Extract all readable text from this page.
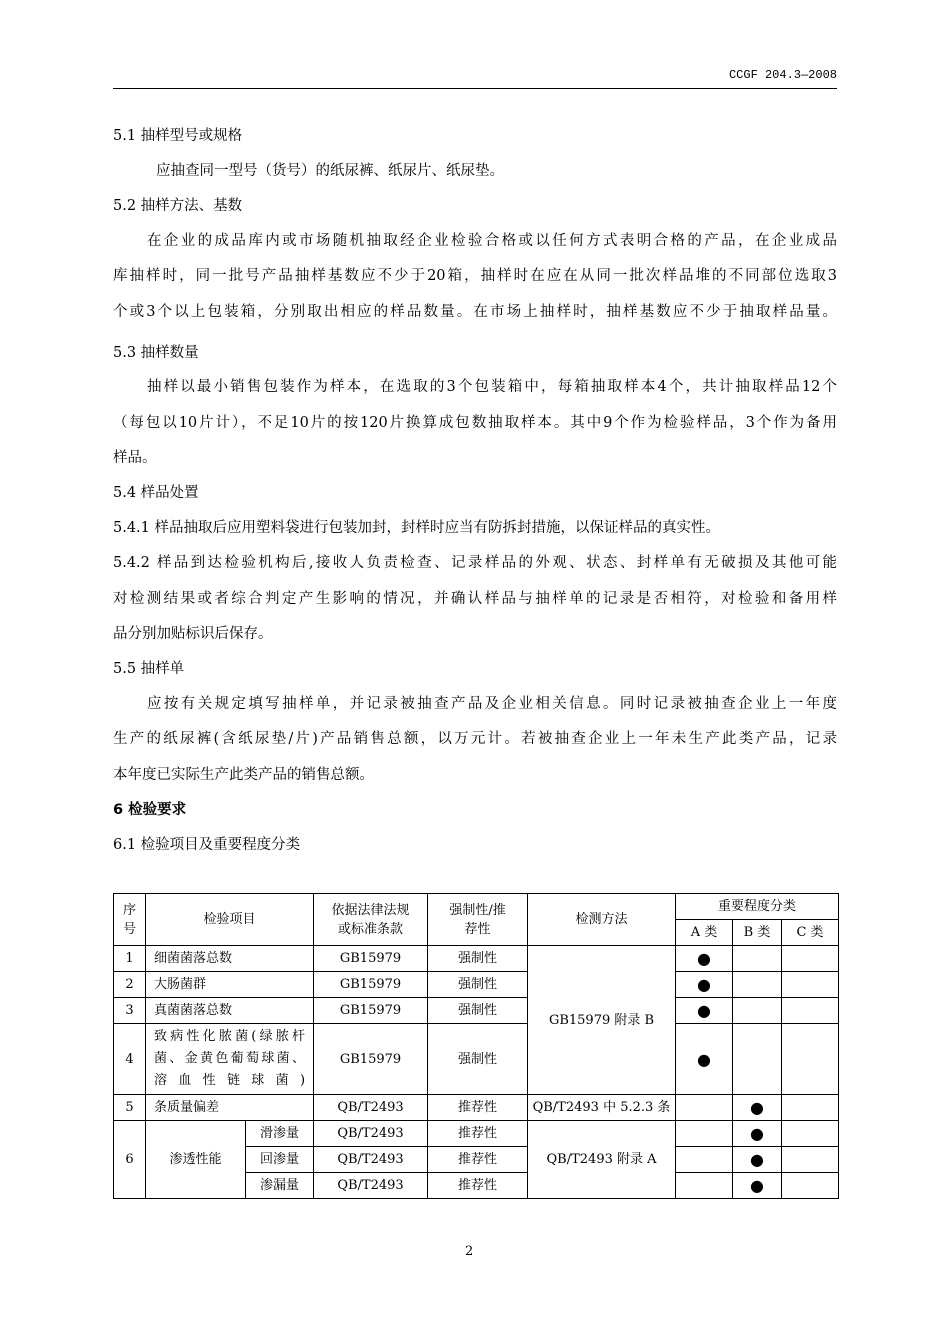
CCGF 204.3—2008
5.1 抽样型号或规格
应抽查同一型号（货号）的纸尿裤、纸尿片、纸尿垫。
5.2 抽样方法、基数
在企业的成品库内或市场随机抽取经企业检验合格或以任何方式表明合格的产品，在企业成品
库抽样时，同一批号产品抽样基数应不少于20箱，抽样时在应在从同一批次样品堆的不同部位选取3
个或3个以上包装箱，分别取出相应的样品数量。在市场上抽样时，抽样基数应不少于抽取样品量。
5.3 抽样数量
抽样以最小销售包装作为样本，在选取的3个包装箱中，每箱抽取样本4个，共计抽取样品12个
（每包以10片计），不足10片的按120片换算成包数抽取样本。其中9个作为检验样品，3个作为备用
样品。
5.4 样品处置
5.4.1 样品抽取后应用塑料袋进行包装加封，封样时应当有防拆封措施，以保证样品的真实性。
5.4.2 样品到达检验机构后,接收人负责检查、记录样品的外观、状态、封样单有无破损及其他可能
对检测结果或者综合判定产生影响的情况，并确认样品与抽样单的记录是否相符，对检验和备用样
品分别加贴标识后保存。
5.5 抽样单
应按有关规定填写抽样单，并记录被抽查产品及企业相关信息。同时记录被抽查企业上一年度
生产的纸尿裤(含纸尿垫/片)产品销售总额，以万元计。若被抽查企业上一年未生产此类产品，记录
本年度已实际生产此类产品的销售总额。
6 检验要求
6.1 检验项目及重要程度分类
序
号	检验项目		依据法律法规
或标准条款	强制性/推
荐性	检测方法	重要程度分类		
						A 类	B 类	C 类
1	细菌菌落总数		GB15979	强制性	GB15979 附录 B	●		
2	大肠菌群		GB15979	强制性		●		
3	真菌菌落总数		GB15979	强制性		●		
4	致病性化脓菌(绿脓杆
菌、金黄色葡萄球菌、
溶血性链球菌)		GB15979	强制性		●		
5	条质量偏差		QB/T2493	推荐性	QB/T2493 中 5.2.3 条		●	
6	渗透性能	滑渗量	QB/T2493	推荐性	QB/T2493 附录 A		●	
		回渗量	QB/T2493	推荐性			●	
		渗漏量	QB/T2493	推荐性			●	
2
